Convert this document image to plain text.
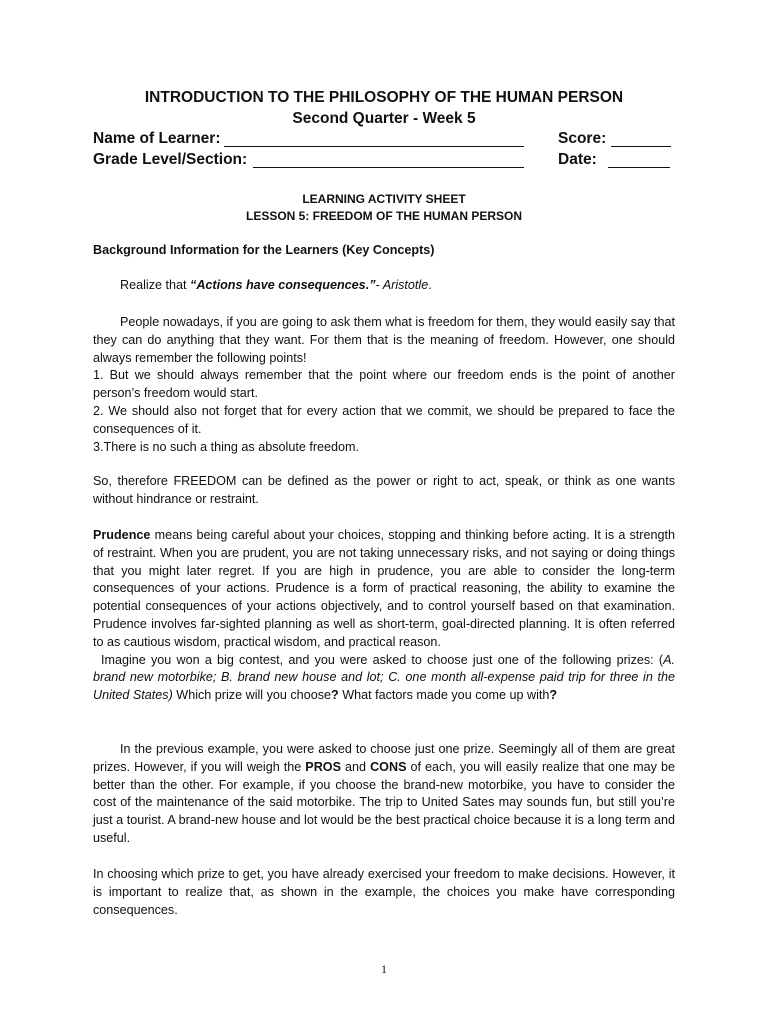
INTRODUCTION TO THE PHILOSOPHY OF THE HUMAN PERSON
Second Quarter - Week 5
Name of Learner:	Score:
Grade Level/Section:	Date:
LEARNING ACTIVITY SHEET
LESSON 5: FREEDOM OF THE HUMAN PERSON
Background Information for the Learners (Key Concepts)

Realize that “Actions have consequences.”- Aristotle.

People nowadays, if you are going to ask them what is freedom for them, they would easily say that they can do anything that they want. For them that is the meaning of freedom. However, one should always remember the following points!

1. But we should always remember that the point where our freedom ends is the point of another person’s freedom would start.

2. We should also not forget that for every action that we commit, we should be prepared to face the consequences of it.

3.There is no such a thing as absolute freedom.

So, therefore FREEDOM can be defined as the power or right to act, speak, or think as one wants without hindrance or restraint.

Prudence means being careful about your choices, stopping and thinking before acting. It is a strength of restraint. When you are prudent, you are not taking unnecessary risks, and not saying or doing things that you might later regret. If you are high in prudence, you are able to consider the long-term consequences of your actions. Prudence is a form of practical reasoning, the ability to examine the potential consequences of your actions objectively, and to control yourself based on that examination. Prudence involves far-sighted planning as well as short-term, goal-directed planning. It is often referred to as cautious wisdom, practical wisdom, and practical reason.

Imagine you won a big contest, and you were asked to choose just one of the following prizes: (A. brand new motorbike; B. brand new house and lot; C. one month all-expense paid trip for three in the United States) Which prize will you choose? What factors made you come up with?

In the previous example, you were asked to choose just one prize. Seemingly all of them are great prizes. However, if you will weigh the PROS and CONS of each, you will easily realize that one may be better than the other. For example, if you choose the brand-new motorbike, you have to consider the cost of the maintenance of the said motorbike. The trip to United Sates may sounds fun, but still you’re just a tourist. A brand-new house and lot would be the best practical choice because it is a long term and useful.

In choosing which prize to get, you have already exercised your freedom to make decisions. However, it is important to realize that, as shown in the example, the choices you make have corresponding consequences.

1
